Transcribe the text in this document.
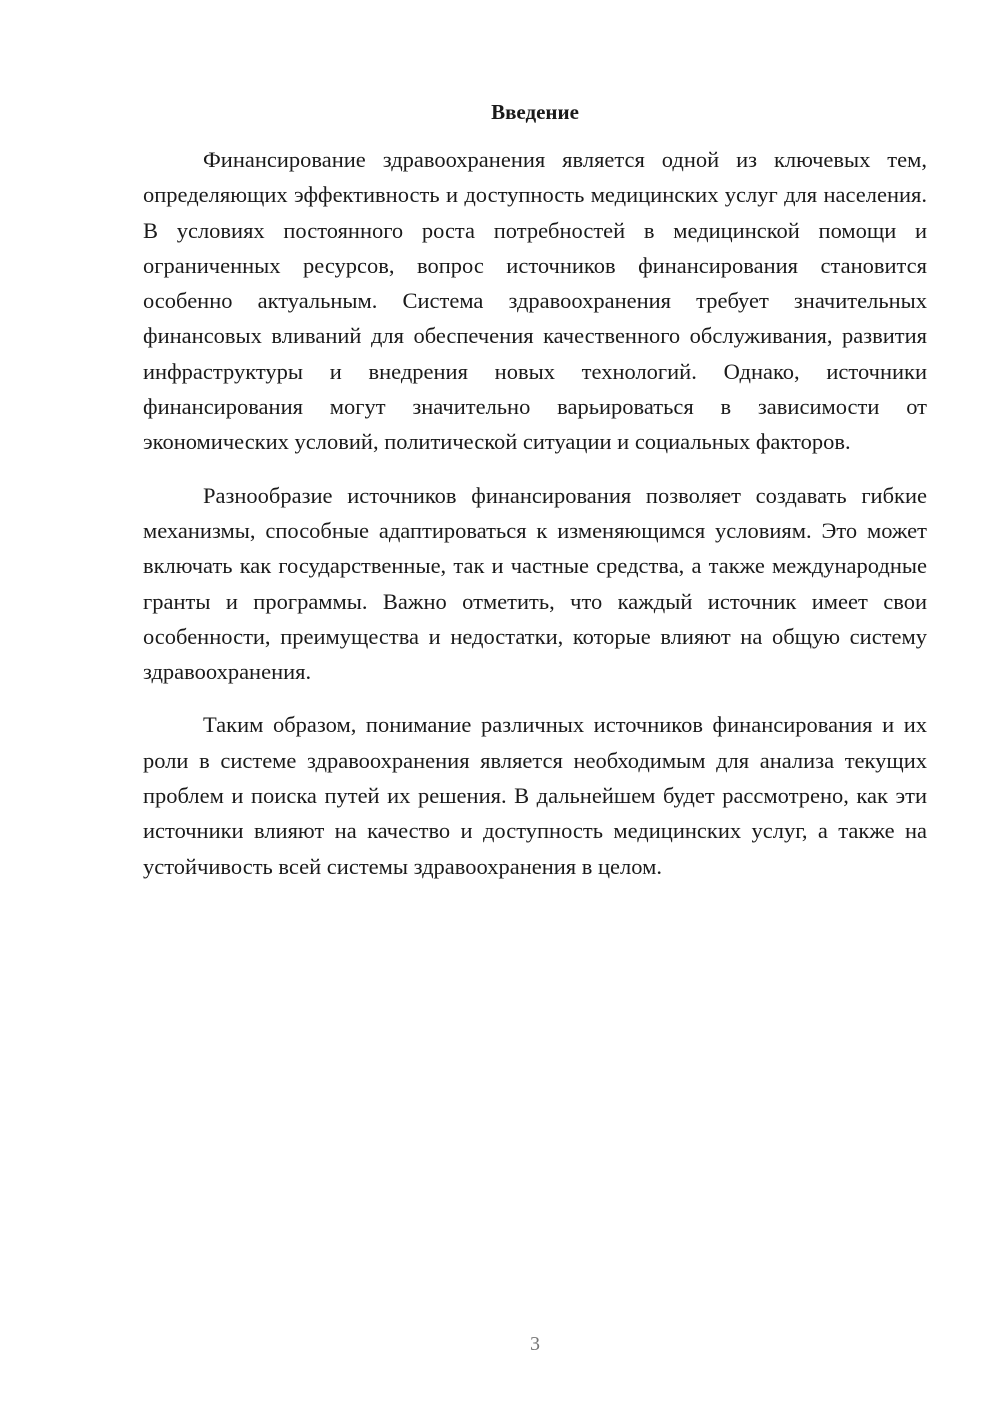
Введение

Финансирование здравоохранения является одной из ключевых тем, определяющих эффективность и доступность медицинских услуг для населения. В условиях постоянного роста потребностей в медицинской помощи и ограниченных ресурсов, вопрос источников финансирования становится особенно актуальным. Система здравоохранения требует значительных финансовых вливаний для обеспечения качественного обслуживания, развития инфраструктуры и внедрения новых технологий. Однако, источники финансирования могут значительно варьироваться в зависимости от экономических условий, политической ситуации и социальных факторов.

Разнообразие источников финансирования позволяет создавать гибкие механизмы, способные адаптироваться к изменяющимся условиям. Это может включать как государственные, так и частные средства, а также международные гранты и программы. Важно отметить, что каждый источник имеет свои особенности, преимущества и недостатки, которые влияют на общую систему здравоохранения.

Таким образом, понимание различных источников финансирования и их роли в системе здравоохранения является необходимым для анализа текущих проблем и поиска путей их решения. В дальнейшем будет рассмотрено, как эти источники влияют на качество и доступность медицинских услуг, а также на устойчивость всей системы здравоохранения в целом.

3
